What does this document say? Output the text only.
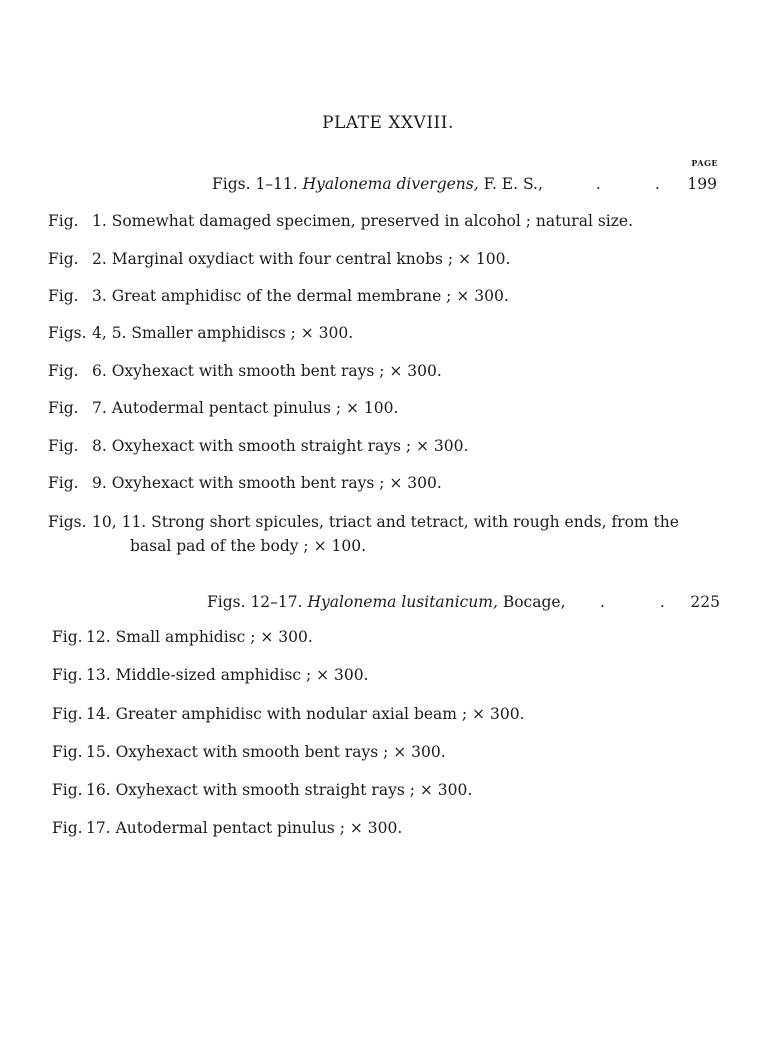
PLATE XXVIII.
PAGE
Figs. 1–11. Hyalonema divergens, F. E. S.,	.	.	199
Fig. 1. Somewhat damaged specimen, preserved in alcohol ; natural size.
Fig. 2. Marginal oxydiact with four central knobs ; × 100.
Fig. 3. Great amphidisc of the dermal membrane ; × 300.
Figs. 4, 5. Smaller amphidiscs ; × 300.
Fig. 6. Oxyhexact with smooth bent rays ; × 300.
Fig. 7. Autodermal pentact pinulus ; × 100.
Fig. 8. Oxyhexact with smooth straight rays ; × 300.
Fig. 9. Oxyhexact with smooth bent rays ; × 300.
Figs. 10, 11. Strong short spicules, triact and tetract, with rough ends, from the
basal pad of the body ; × 100.
Figs. 12–17. Hyalonema lusitanicum, Bocage, .	.	225
Fig. 12. Small amphidisc ; × 300.
Fig. 13. Middle-sized amphidisc ; × 300.
Fig. 14. Greater amphidisc with nodular axial beam ; × 300.
Fig. 15. Oxyhexact with smooth bent rays ; × 300.
Fig. 16. Oxyhexact with smooth straight rays ; × 300.
Fig. 17. Autodermal pentact pinulus ; × 300.
